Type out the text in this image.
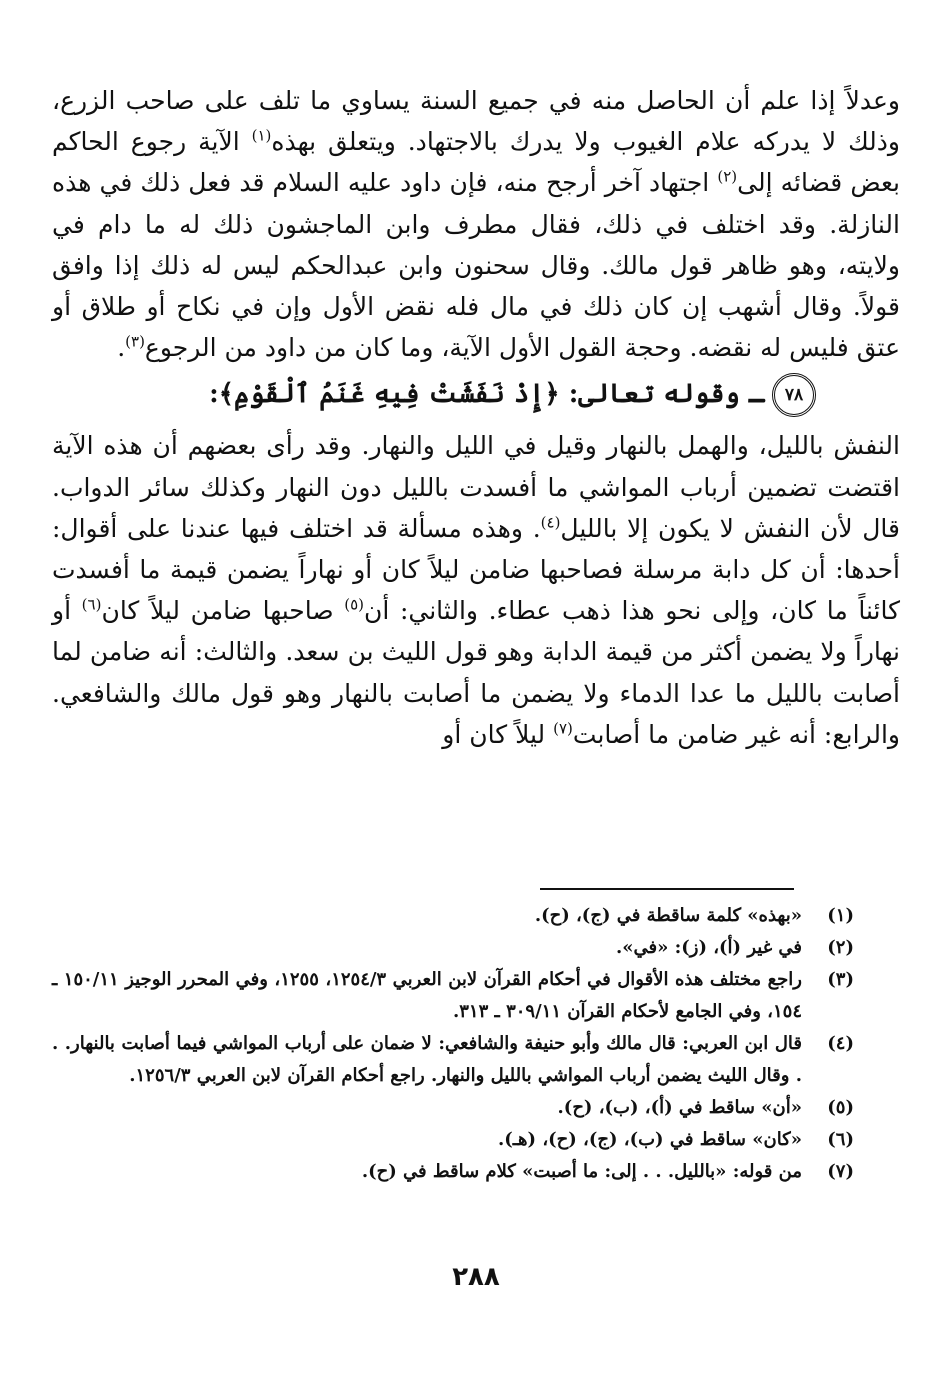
وعدلاً إذا علم أن الحاصل منه في جميع السنة يساوي ما تلف على صاحب الزرع، وذلك لا يدركه علام الغيوب ولا يدرك بالاجتهاد. ويتعلق بهذه$^{(١)}$ الآية رجوع الحاكم بعض قضائه إلى$^{(٢)}$ اجتهاد آخر أرجح منه، فإن داود عليه السلام قد فعل ذلك في هذه النازلة. وقد اختلف في ذلك، فقال مطرف وابن الماجشون ذلك له ما دام في ولايته، وهو ظاهر قول مالك. وقال سحنون وابن عبدالحكم ليس له ذلك إذا وافق قولاً. وقال أشهب إن كان ذلك في مال فله نقض الأول وإن في نكاح أو طلاق أو عتق فليس له نقضه. وحجة القول الأول الآية، وما كان من داود من الرجوع$^{(٣)}$.

٧٨ـ وقوله تعالى: ﴿إِذْ نَفَشَتْ فِيهِ غَنَمُ ٱلْقَوْمِ﴾:

النفش بالليل، والهمل بالنهار وقيل في الليل والنهار. وقد رأى بعضهم أن هذه الآية اقتضت تضمين أرباب المواشي ما أفسدت بالليل دون النهار وكذلك سائر الدواب. قال لأن النفش لا يكون إلا بالليل$^{(٤)}$. وهذه مسألة قد اختلف فيها عندنا على أقوال: أحدها: أن كل دابة مرسلة فصاحبها ضامن ليلاً كان أو نهاراً يضمن قيمة ما أفسدت كائناً ما كان، وإلى نحو هذا ذهب عطاء. والثاني: أن$^{(٥)}$ صاحبها ضامن ليلاً كان$^{(٦)}$ أو نهاراً ولا يضمن أكثر من قيمة الدابة وهو قول الليث بن سعد. والثالث: أنه ضامن لما أصابت بالليل ما عدا الدماء ولا يضمن ما أصابت بالنهار وهو قول مالك والشافعي. والرابع: أنه غير ضامن ما أصابت$^{(٧)}$ ليلاً كان أو

(١)
«بهذه» كلمة ساقطة في (ج)، (ح).

(٢)
في غير (أ)، (ز): «في».

(٣)
راجع مختلف هذه الأقوال في أحكام القرآن لابن العربي ١٢٥٤/٣، ١٢٥٥، وفي المحرر الوجيز ١٥٠/١١ ـ ١٥٤، وفي الجامع لأحكام القرآن ٣٠٩/١١ ـ ٣١٣.

(٤)
قال ابن العربي: قال مالك وأبو حنيفة والشافعي: لا ضمان على أرباب المواشي فيما أصابت بالنهار. . . وقال الليث يضمن أرباب المواشي بالليل والنهار. راجع أحكام القرآن لابن العربي ١٢٥٦/٣.

(٥)
«أن» ساقط في (أ)، (ب)، (ح).

(٦)
«كان» ساقط في (ب)، (ج)، (ح)، (هـ).

(٧)
من قوله: «بالليل. . . إلى: ما أصبت» كلام ساقط في (ح).

٢٨٨
